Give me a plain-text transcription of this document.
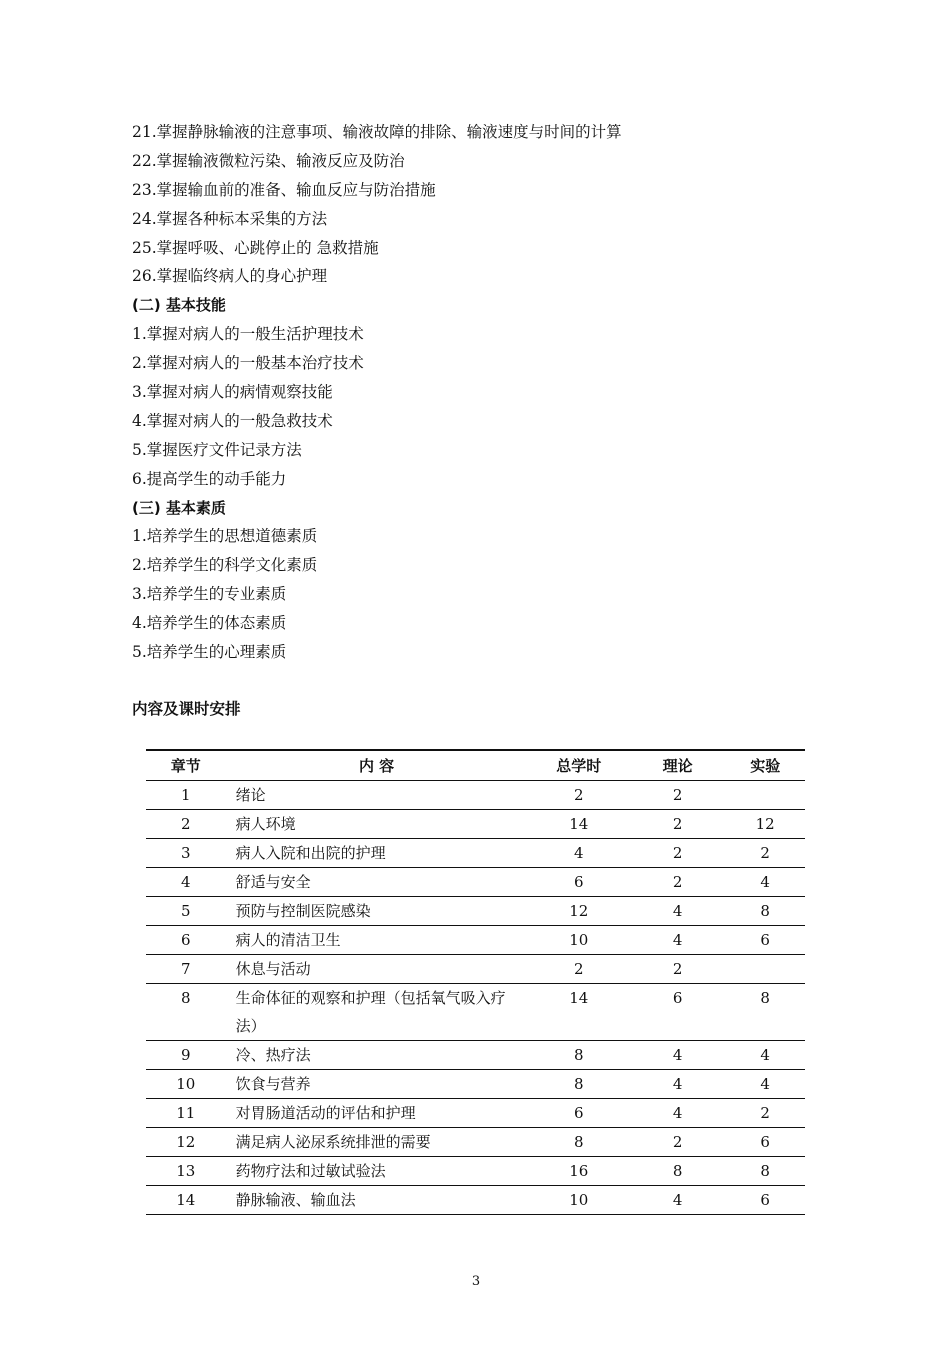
21.掌握静脉输液的注意事项、输液故障的排除、输液速度与时间的计算
22.掌握输液微粒污染、输液反应及防治
23.掌握输血前的准备、输血反应与防治措施
24.掌握各种标本采集的方法
25.掌握呼吸、心跳停止的 急救措施
26.掌握临终病人的身心护理
(二) 基本技能
1.掌握对病人的一般生活护理技术
2.掌握对病人的一般基本治疗技术
3.掌握对病人的病情观察技能
4.掌握对病人的一般急救技术
5.掌握医疗文件记录方法
6.提高学生的动手能力
(三) 基本素质
1.培养学生的思想道德素质
2.培养学生的科学文化素质
3.培养学生的专业素质
4.培养学生的体态素质
5.培养学生的心理素质
内容及课时安排
章节	内 容	总学时	理论	实验
1	绪论	2	2	
2	病人环境	14	2	12
3	病人入院和出院的护理	4	2	2
4	舒适与安全	6	2	4
5	预防与控制医院感染	12	4	8
6	病人的清洁卫生	10	4	6
7	休息与活动	2	2	
8	生命体征的观察和护理（包括氧气吸入疗法）	14	6	8
9	冷、热疗法	8	4	4
10	饮食与营养	8	4	4
11	对胃肠道活动的评估和护理	6	4	2
12	满足病人泌尿系统排泄的需要	8	2	6
13	药物疗法和过敏试验法	16	8	8
14	静脉输液、输血法	10	4	6
3
